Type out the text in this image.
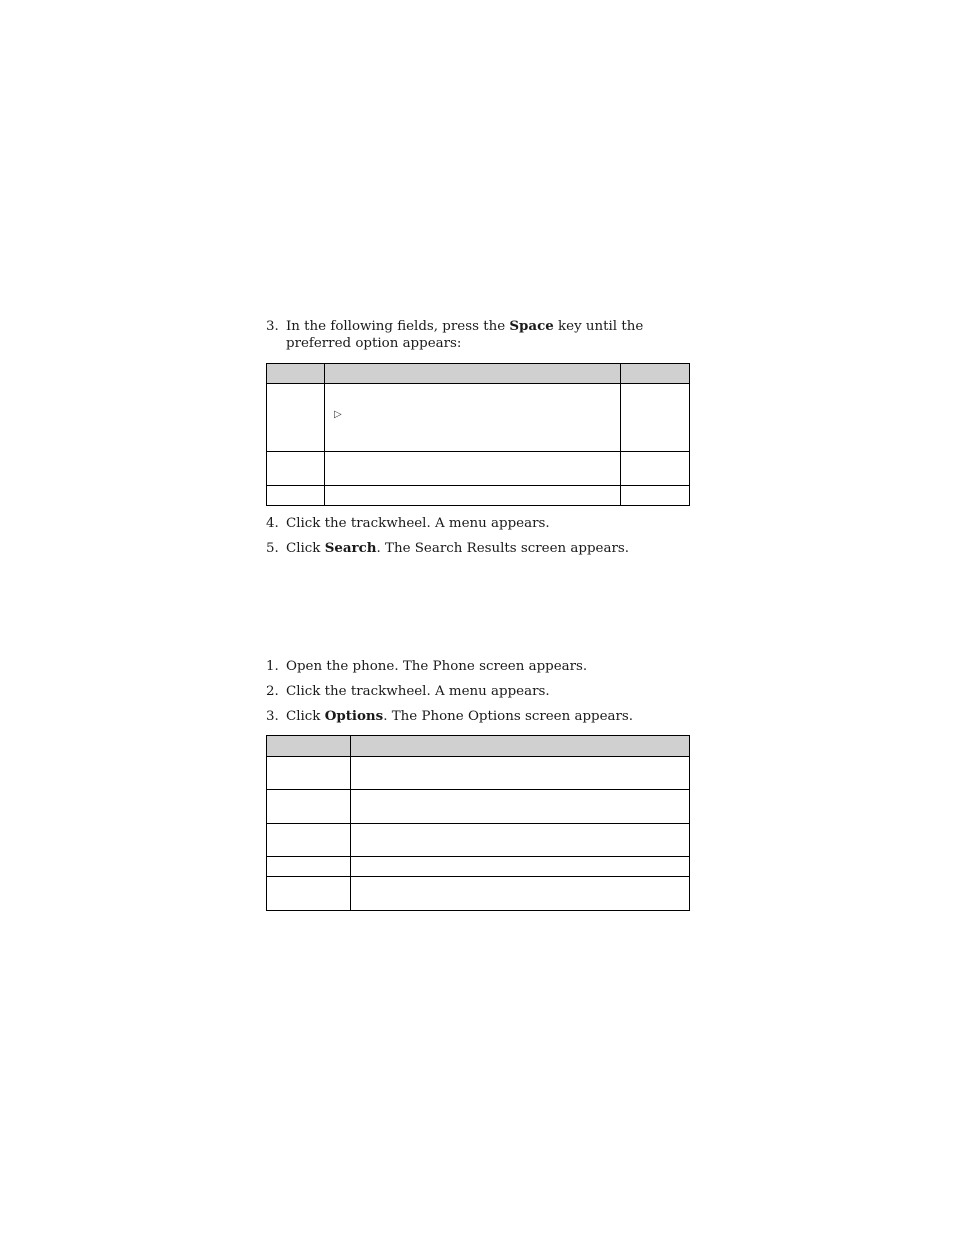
3. In the following fields, press the Space key until the preferred option appears:

	▷	

4. Click the trackwheel. A menu appears.
5. Click Search. The Search Results screen appears.
1. Open the phone. The Phone screen appears.
2. Click the trackwheel. A menu appears.
3. Click Options. The Phone Options screen appears.
